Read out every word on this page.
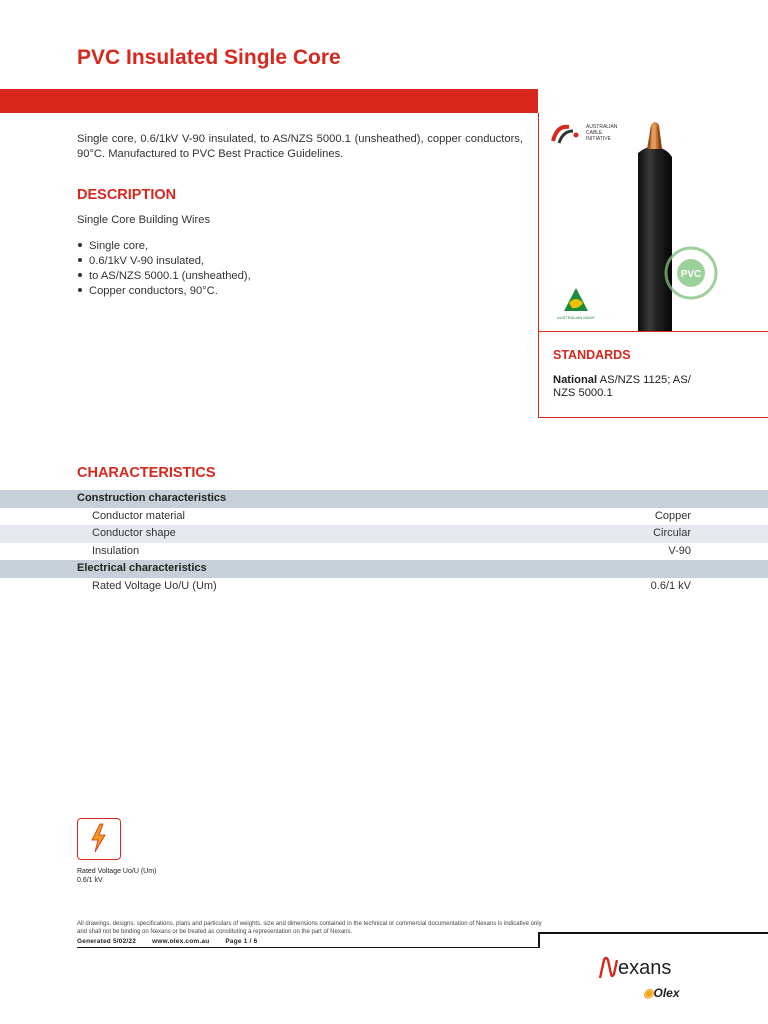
PVC Insulated Single Core
Single core, 0.6/1kV V-90 insulated, to AS/NZS 5000.1 (unsheathed), copper conductors, 90°C. Manufactured to PVC Best Practice Guidelines.
DESCRIPTION
Single Core Building Wires
Single core,
0.6/1kV V-90 insulated,
to AS/NZS 5000.1 (unsheathed),
Copper conductors, 90°C.
AUSTRALIAN
CABLE
INITIATIVE
PVC
AUSTRALIAN MADE
STANDARDS
National AS/NZS 1125; AS/ NZS 5000.1
CHARACTERISTICS
Construction characteristics
Conductor material	Copper
Conductor shape	Circular
Insulation	V-90
Electrical characteristics
Rated Voltage Uo/U (Um)	0.6/1 kV
Rated Voltage Uo/U (Um)
0.6/1 kV
All drawings, designs, specifications, plans and particulars of weights, size and dimensions contained in the technical or commercial documentation of Nexans is indicative only and shall not be binding on Nexans or be treated as constituting a representation on the part of Nexans.
Generated 5/02/22 www.olex.com.au Page 1 / 6
exans
◉Olex
